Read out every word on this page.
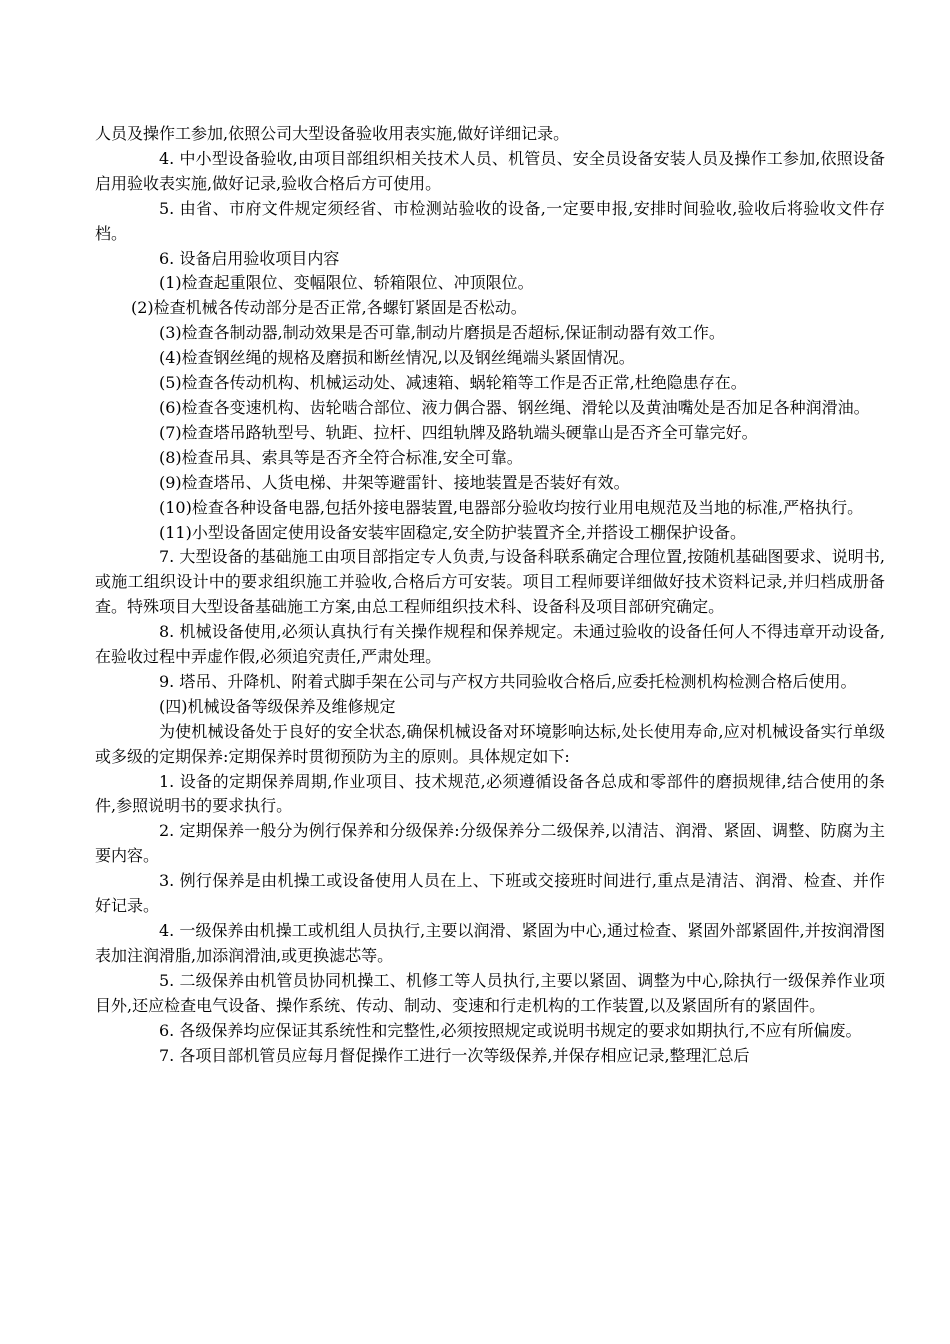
人员及操作工参加,依照公司大型设备验收用表实施,做好详细记录。

4. 中小型设备验收,由项目部组织相关技术人员、机管员、安全员设备安装人员及操作工参加,依照设备启用验收表实施,做好记录,验收合格后方可使用。

5. 由省、市府文件规定须经省、市检测站验收的设备,一定要申报,安排时间验收,验收后将验收文件存档。

6. 设备启用验收项目内容

(1)检查起重限位、变幅限位、轿箱限位、冲顶限位。

(2)检查机械各传动部分是否正常,各螺钉紧固是否松动。

(3)检查各制动器,制动效果是否可靠,制动片磨损是否超标,保证制动器有效工作。

(4)检查钢丝绳的规格及磨损和断丝情况,以及钢丝绳端头紧固情况。

(5)检查各传动机构、机械运动处、减速箱、蜗轮箱等工作是否正常,杜绝隐患存在。

(6)检查各变速机构、齿轮啮合部位、液力偶合器、钢丝绳、滑轮以及黄油嘴处是否加足各种润滑油。

(7)检查塔吊路轨型号、轨距、拉杆、四组轨牌及路轨端头硬靠山是否齐全可靠完好。

(8)检查吊具、索具等是否齐全符合标准,安全可靠。

(9)检查塔吊、人货电梯、井架等避雷针、接地装置是否装好有效。

(10)检查各种设备电器,包括外接电器装置,电器部分验收均按行业用电规范及当地的标准,严格执行。

(11)小型设备固定使用设备安装牢固稳定,安全防护装置齐全,并搭设工棚保护设备。

7. 大型设备的基础施工由项目部指定专人负责,与设备科联系确定合理位置,按随机基础图要求、说明书,或施工组织设计中的要求组织施工并验收,合格后方可安装。项目工程师要详细做好技术资料记录,并归档成册备查。特殊项目大型设备基础施工方案,由总工程师组织技术科、设备科及项目部研究确定。

8. 机械设备使用,必须认真执行有关操作规程和保养规定。未通过验收的设备任何人不得违章开动设备,在验收过程中弄虚作假,必须追究责任,严肃处理。

9. 塔吊、升降机、附着式脚手架在公司与产权方共同验收合格后,应委托检测机构检测合格后使用。

(四)机械设备等级保养及维修规定

为使机械设备处于良好的安全状态,确保机械设备对环境影响达标,处长使用寿命,应对机械设备实行单级或多级的定期保养:定期保养时贯彻预防为主的原则。具体规定如下:

1. 设备的定期保养周期,作业项目、技术规范,必须遵循设备各总成和零部件的磨损规律,结合使用的条件,参照说明书的要求执行。

2. 定期保养一般分为例行保养和分级保养:分级保养分二级保养,以清洁、润滑、紧固、调整、防腐为主要内容。

3. 例行保养是由机操工或设备使用人员在上、下班或交接班时间进行,重点是清洁、润滑、检查、并作好记录。

4. 一级保养由机操工或机组人员执行,主要以润滑、紧固为中心,通过检查、紧固外部紧固件,并按润滑图表加注润滑脂,加添润滑油,或更换滤芯等。

5. 二级保养由机管员协同机操工、机修工等人员执行,主要以紧固、调整为中心,除执行一级保养作业项目外,还应检查电气设备、操作系统、传动、制动、变速和行走机构的工作装置,以及紧固所有的紧固件。

6. 各级保养均应保证其系统性和完整性,必须按照规定或说明书规定的要求如期执行,不应有所偏废。

7. 各项目部机管员应每月督促操作工进行一次等级保养,并保存相应记录,整理汇总后
